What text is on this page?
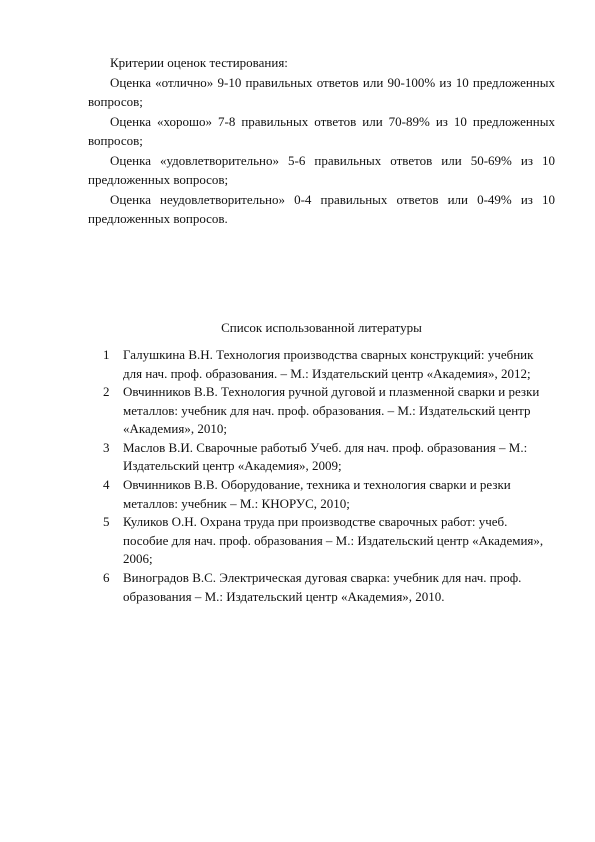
Критерии оценок тестирования:

Оценка «отлично» 9-10 правильных ответов или 90-100% из 10 предложенных вопросов;

Оценка «хорошо» 7-8 правильных ответов или 70-89% из 10 предложенных вопросов;

Оценка «удовлетворительно» 5-6 правильных ответов или 50-69% из 10 предложенных вопросов;

Оценка неудовлетворительно» 0-4 правильных ответов или 0-49% из 10 предложенных вопросов.

Список использованной литературы

1 Галушкина В.Н. Технология производства сварных конструкций: учебник для нач. проф. образования. – М.: Издательский центр «Академия», 2012;
2 Овчинников В.В. Технология ручной дуговой и плазменной сварки и резки металлов: учебник для нач. проф. образования. – М.: Издательский центр «Академия», 2010;
3 Маслов В.И. Сварочные работыб Учеб. для нач. проф. образования – М.: Издательский центр «Академия», 2009;
4 Овчинников В.В. Оборудование, техника и технология сварки и резки металлов: учебник – М.: КНОРУС, 2010;
5 Куликов О.Н. Охрана труда при производстве сварочных работ: учеб. пособие для нач. проф. образования – М.: Издательский центр «Академия», 2006;
6 Виноградов В.С. Электрическая дуговая сварка: учебник для нач. проф. образования – М.: Издательский центр «Академия», 2010.
